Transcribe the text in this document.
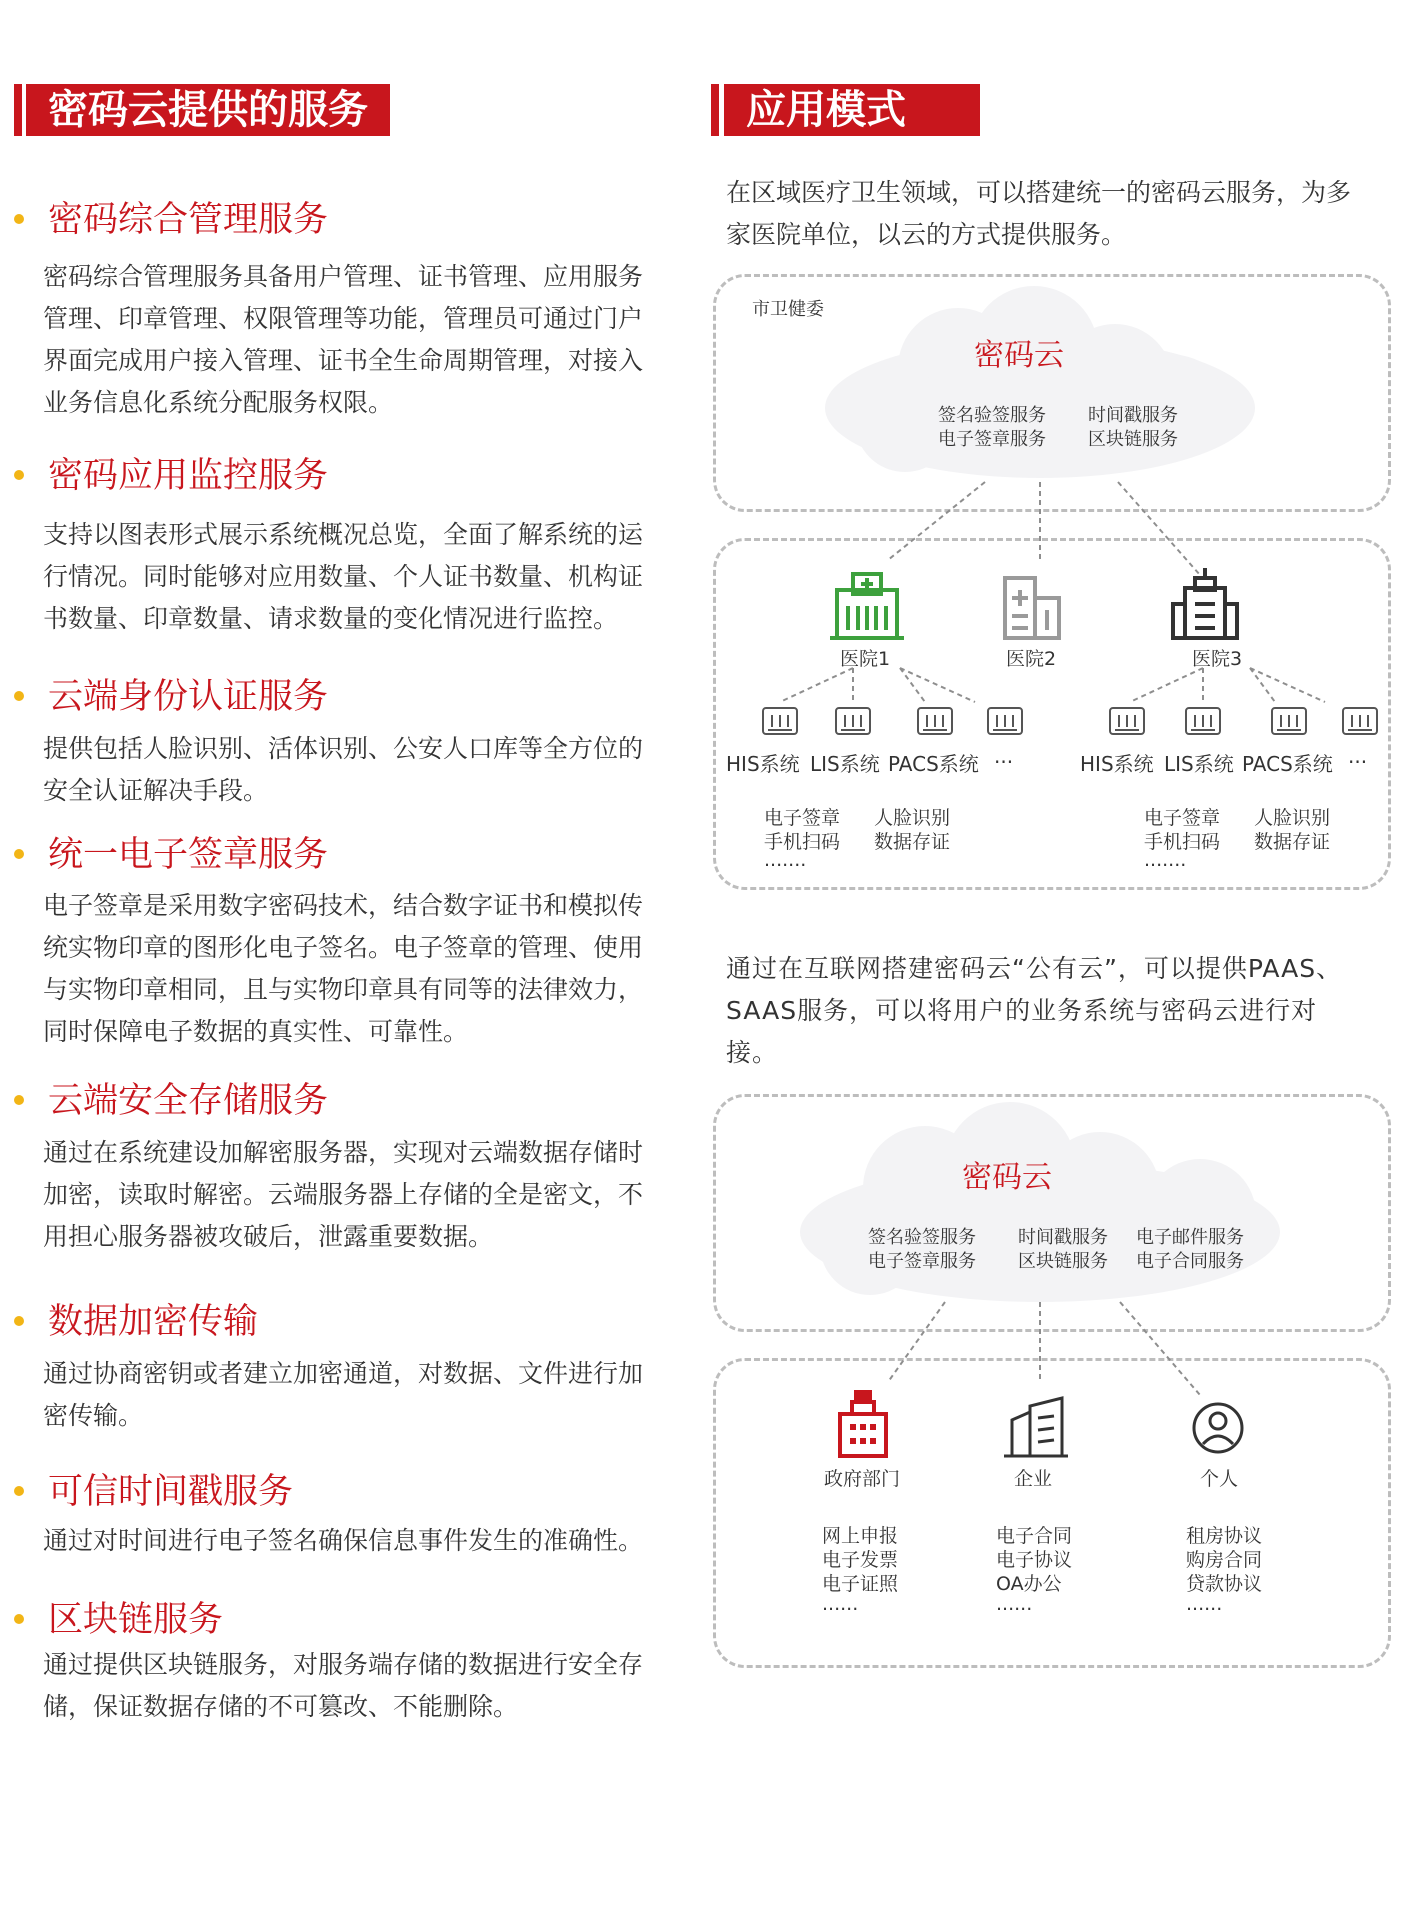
密码云提供的服务
密码综合管理服务

密码综合管理服务具备用户管理、证书管理、应用服务管理、印章管理、权限管理等功能，管理员可通过门户界面完成用户接入管理、证书全生命周期管理，对接入业务信息化系统分配服务权限。

密码应用监控服务

支持以图表形式展示系统概况总览，全面了解系统的运行情况。同时能够对应用数量、个人证书数量、机构证书数量、印章数量、请求数量的变化情况进行监控。

云端身份认证服务

提供包括人脸识别、活体识别、公安人口库等全方位的安全认证解决手段。

统一电子签章服务

电子签章是采用数字密码技术，结合数字证书和模拟传统实物印章的图形化电子签名。电子签章的管理、使用与实物印章相同，且与实物印章具有同等的法律效力，同时保障电子数据的真实性、可靠性。

云端安全存储服务

通过在系统建设加解密服务器，实现对云端数据存储时加密，读取时解密。云端服务器上存储的全是密文，不用担心服务器被攻破后，泄露重要数据。

数据加密传输

通过协商密钥或者建立加密通道，对数据、文件进行加密传输。

可信时间戳服务

通过对时间进行电子签名确保信息事件发生的准确性。

区块链服务

通过提供区块链服务，对服务端存储的数据进行安全存储，保证数据存储的不可篡改、不能删除。

应用模式

在区域医疗卫生领域，可以搭建统一的密码云服务，为多家医院单位，以云的方式提供服务。

市卫健委
密码云
签名验签服务
电子签章服务
时间戳服务
区块链服务
医院1	医院2	医院3
HIS系统 LIS系统 PACS系统 ...	HIS系统 LIS系统 PACS系统 ...
电子签章
手机扫码
.......
人脸识别
数据存证
电子签章
手机扫码
.......
人脸识别
数据存证

通过在互联网搭建密码云“公有云”，可以提供PAAS、SAAS服务，可以将用户的业务系统与密码云进行对接。

密码云
签名验签服务
电子签章服务
时间戳服务
区块链服务
电子邮件服务
电子合同服务
政府部门	企业	个人
网上申报
电子发票
电子证照
......
电子合同
电子协议
OA办公
......
租房协议
购房合同
贷款协议
......
